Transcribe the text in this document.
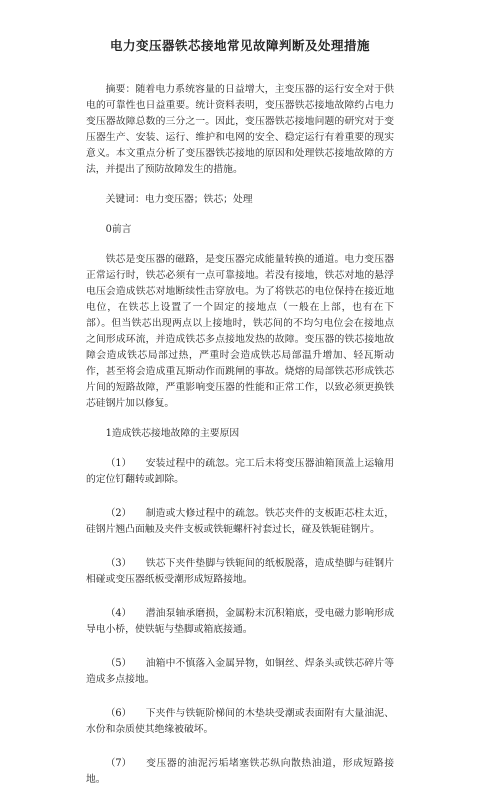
电力变压器铁芯接地常见故障判断及处理措施

摘要：随着电力系统容量的日益增大，主变压器的运行安全对于供电的可靠性也日益重要。统计资料表明，变压器铁芯接地故障约占电力变压器故障总数的三分之一。因此，变压器铁芯接地问题的研究对于变压器生产、安装、运行、维护和电网的安全、稳定运行有着重要的现实意义。本文重点分析了变压器铁芯接地的原因和处理铁芯接地故障的方法，并提出了预防故障发生的措施。

关键词：电力变压器；铁芯；处理

0前言

铁芯是变压器的磁路，是变压器完成能量转换的通道。电力变压器正常运行时，铁芯必须有一点可靠接地。若没有接地，铁芯对地的悬浮电压会造成铁芯对地断续性击穿放电。为了将铁芯的电位保持在接近地电位，在铁芯上设置了一个固定的接地点（一般在上部，也有在下部）。但当铁芯出现两点以上接地时，铁芯间的不均匀电位会在接地点之间形成环流，并造成铁芯多点接地发热的故障。变压器的铁芯接地故障会造成铁芯局部过热，严重时会造成铁芯局部温升增加、轻瓦斯动作，甚至将会造成重瓦斯动作而跳闸的事故。烧熔的局部铁芯形成铁芯片间的短路故障，严重影响变压器的性能和正常工作，以致必须更换铁芯硅钢片加以修复。

1造成铁芯接地故障的主要原因

（1） 安装过程中的疏忽。完工后未将变压器油箱顶盖上运输用的定位钉翻转或卸除。

（2） 制造或大修过程中的疏忽。铁芯夹件的支板距芯柱太近，硅钢片翘凸面触及夹件支板或铁轭螺杆衬套过长，碰及铁轭硅钢片。

（3） 铁芯下夹件垫脚与铁轭间的纸板脱落，造成垫脚与硅钢片相碰或变压器纸板受潮形成短路接地。

（4） 潜油泵轴承磨损，金属粉末沉积箱底，受电磁力影响形成导电小桥，使铁轭与垫脚或箱底接通。

（5） 油箱中不慎落入金属异物，如铜丝、焊条头或铁芯碎片等造成多点接地。

（6） 下夹件与铁轭阶梯间的木垫块受潮或表面附有大量油泥、水份和杂质使其绝缘被破坏。

（7） 变压器的油泥污垢堵塞铁芯纵向散热油道，形成短路接地。
